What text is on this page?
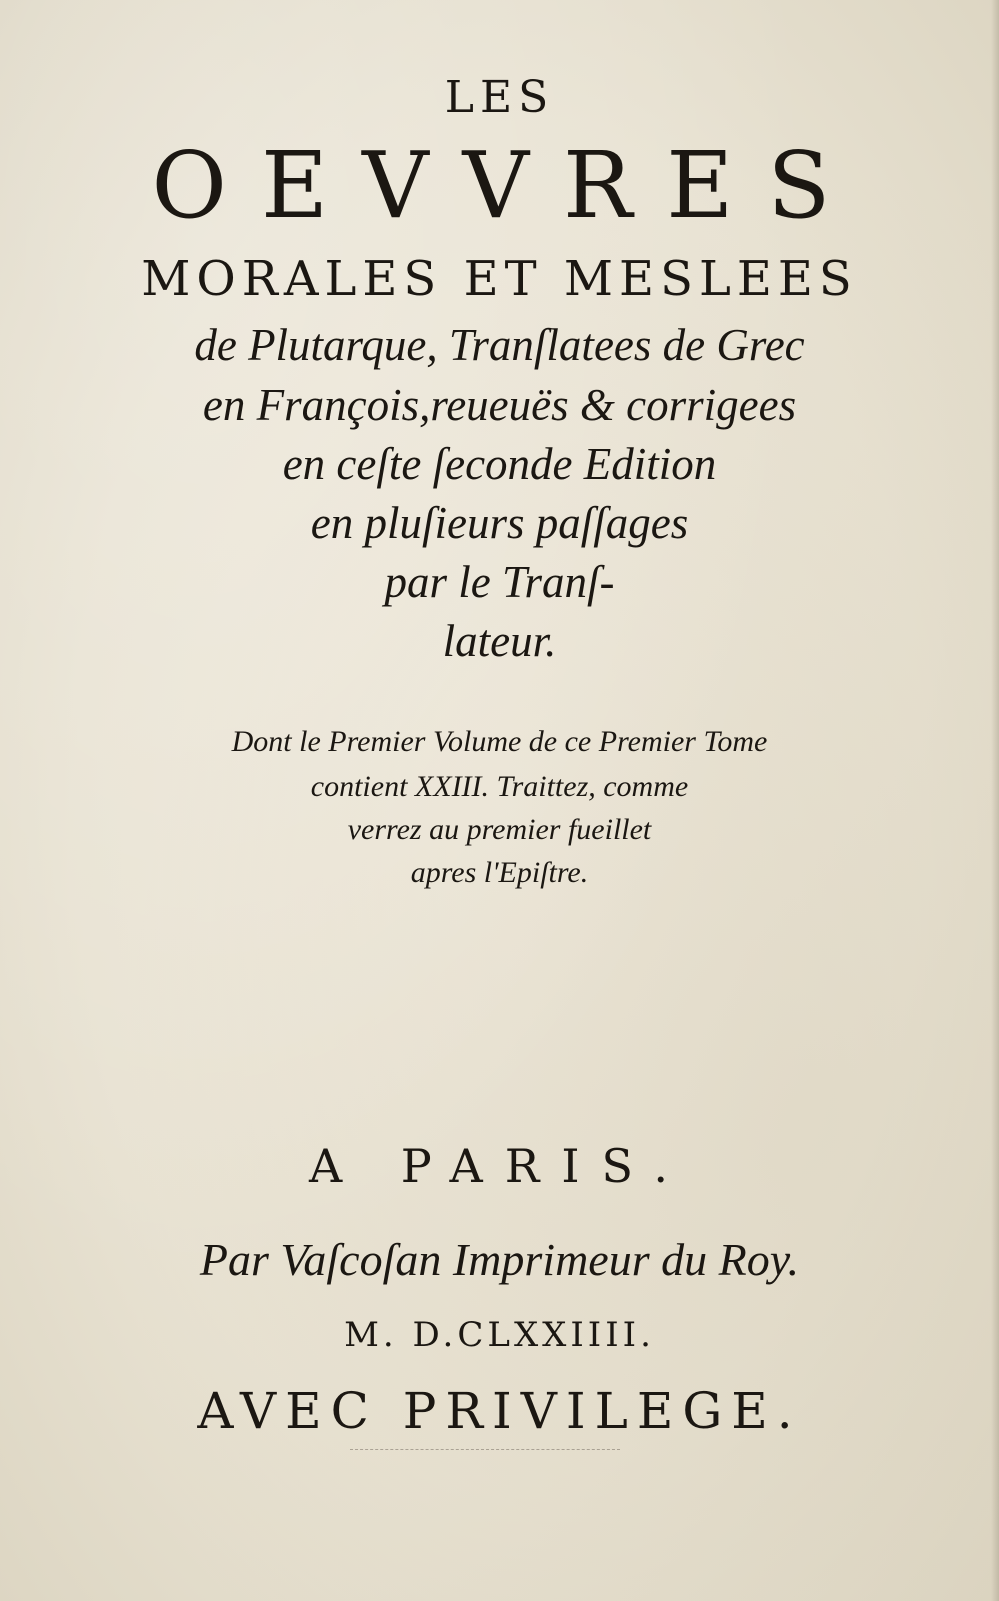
LES
OEVVRES
MORALES ET MESLEES
de Plutarque, Tranſlatees de Grec
en François,reueuës & corrigees
en ceſte ſeconde Edition
en pluſieurs paſſages
par le Tranſ-
lateur.
Dont le Premier Volume de ce Premier Tome
contient XXIII. Traittez, comme
verrez au premier fueillet
apres l'Epiſtre.
A PARIS.
Par Vaſcoſan Imprimeur du Roy.
M. D.CLXXIIII.
AVEC PRIVILEGE.
